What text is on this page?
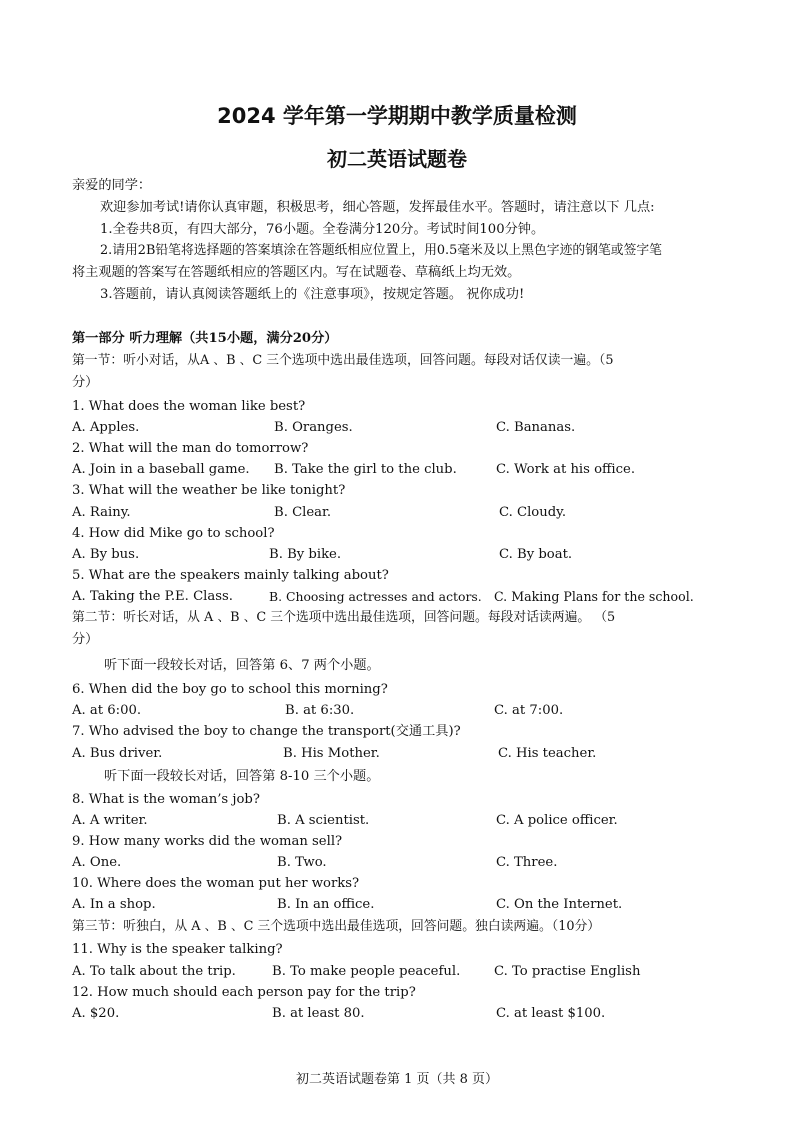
2024 学年第一学期期中教学质量检测
初二英语试题卷
亲爱的同学：
欢迎参加考试!请你认真审题，积极思考，细心答题，发挥最佳水平。答题时，请注意以下 几点:
1.全卷共8页，有四大部分，76小题。全卷满分120分。考试时间100分钟。
2.请用2B铅笔将选择题的答案填涂在答题纸相应位置上，用0.5毫米及以上黑色字迹的钢笔或签字笔
将主观题的答案写在答题纸相应的答题区内。写在试题卷、草稿纸上均无效。
3.答题前，请认真阅读答题纸上的《注意事项》，按规定答题。 祝你成功!
第一部分 听力理解（共15小题，满分20分）
第一节：听小对话，从A 、B 、C 三个选项中选出最佳选项，回答问题。每段对话仅读一遍。（5
分）
1. What does the woman like best?
A. Apples.	B. Oranges.	C. Bananas.
2. What will the man do tomorrow?
A. Join in a baseball game. B. Take the girl to the club.	C. Work at his office.
3. What will the weather be like tonight?
A. Rainy.	B. Clear.	C. Cloudy.
4. How did Mike go to school?
A. By bus.	B. By bike.	C. By boat.
5. What are the speakers mainly talking about?
A. Taking the P.E. Class.	B. Choosing actresses and actors. C. Making Plans for the school.
第二节：听长对话，从 A 、B 、C 三个选项中选出最佳选项，回答问题。每段对话读两遍。 （5
分）
听下面一段较长对话，回答第 6、7 两个小题。
6. When did the boy go to school this morning?
A. at 6:00.	B. at 6:30.	C. at 7:00.
7. Who advised the boy to change the transport(交通工具)?
A. Bus driver.	B. His Mother.	C. His teacher.
听下面一段较长对话，回答第 8-10 三个小题。
8. What is the woman’s job?
A. A writer.	B. A scientist.	C. A police officer.
9. How many works did the woman sell?
A. One.	B. Two.	C. Three.
10. Where does the woman put her works?
A. In a shop.	B. In an office.	C. On the Internet.
第三节：听独白，从 A 、B 、C 三个选项中选出最佳选项，回答问题。独白读两遍。（10分）
11. Why is the speaker talking?
A. To talk about the trip.	B. To make people peaceful.	C. To practise English
12. How much should each person pay for the trip?
A. $20.	B. at least 80.	C. at least $100.
初二英语试题卷第 1 页（共 8 页）
